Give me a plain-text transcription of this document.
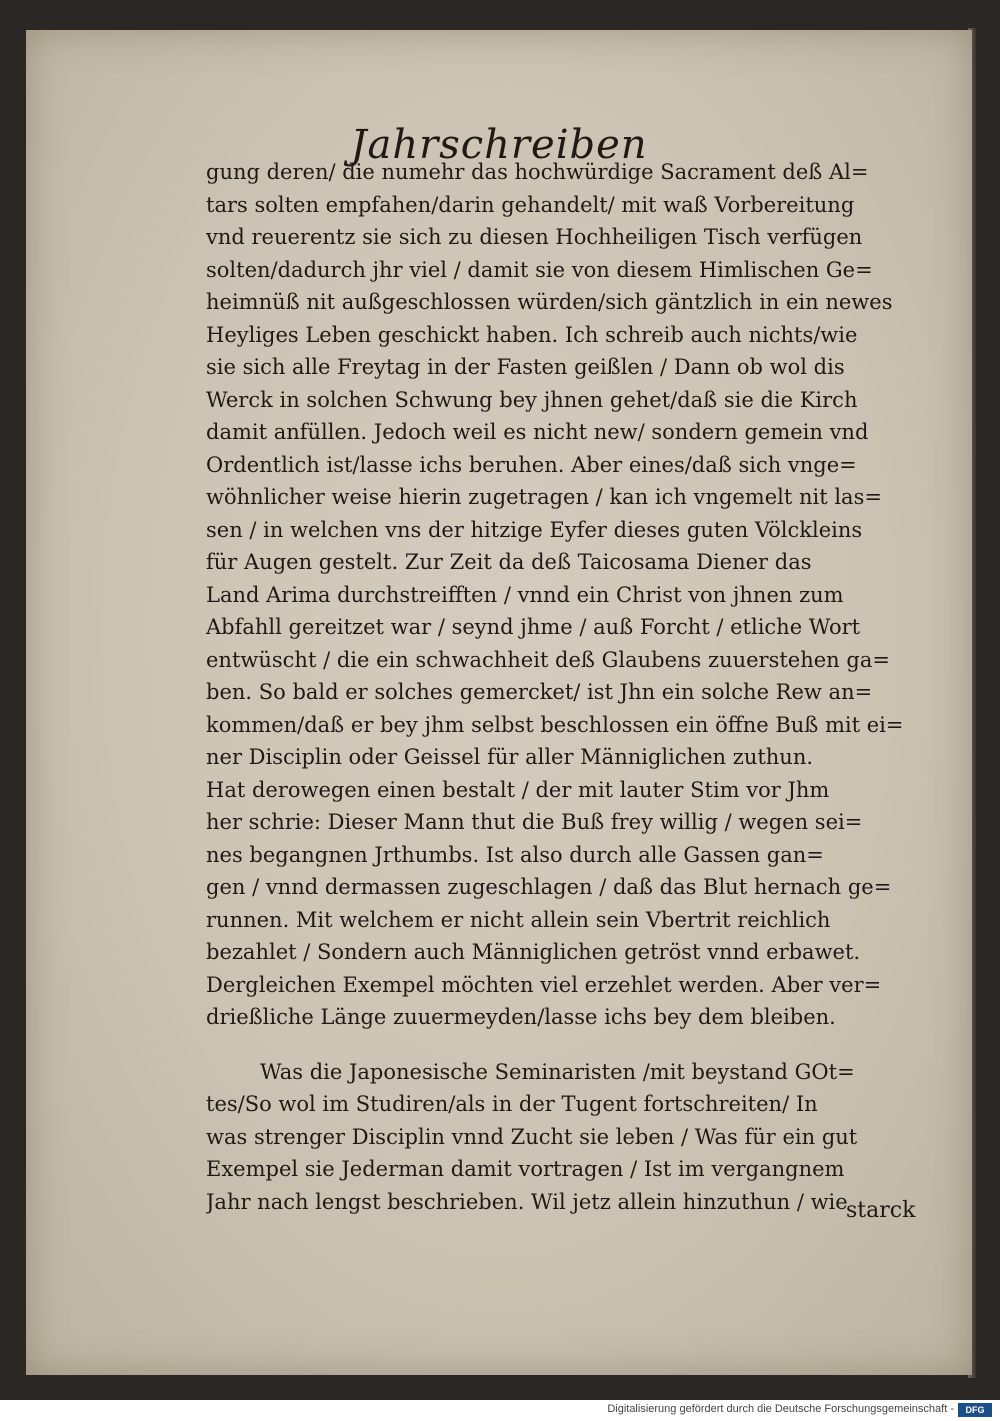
Jahrschreiben
gung deren/ die numehr das hochwürdige Sacrament deß Al=
tars solten empfahen/darin gehandelt/ mit waß Vorbereitung
vnd reuerentz sie sich zu diesen Hochheiligen Tisch verfügen
solten/dadurch jhr viel / damit sie von diesem Himlischen Ge=
heimnüß nit außgeschlossen würden/sich gäntzlich in ein newes
Heyliges Leben geschickt haben. Ich schreib auch nichts/wie
sie sich alle Freytag in der Fasten geißlen / Dann ob wol dis
Werck in solchen Schwung bey jhnen gehet/daß sie die Kirch
damit anfüllen. Jedoch weil es nicht new/ sondern gemein vnd
Ordentlich ist/lasse ichs beruhen. Aber eines/daß sich vnge=
wöhnlicher weise hierin zugetragen / kan ich vngemelt nit las=
sen / in welchen vns der hitzige Eyfer dieses guten Völckleins
für Augen gestelt. Zur Zeit da deß Taicosama Diener das
Land Arima durchstreifften / vnnd ein Christ von jhnen zum
Abfahll gereitzet war / seynd jhme / auß Forcht / etliche Wort
entwüscht / die ein schwachheit deß Glaubens zuuerstehen ga=
ben. So bald er solches gemercket/ ist Jhn ein solche Rew an=
kommen/daß er bey jhm selbst beschlossen ein öffne Buß mit ei=
ner Disciplin oder Geissel für aller Männiglichen zuthun.
Hat derowegen einen bestalt / der mit lauter Stim vor Jhm
her schrie: Dieser Mann thut die Buß frey willig / wegen sei=
nes begangnen Jrthumbs. Ist also durch alle Gassen gan=
gen / vnnd dermassen zugeschlagen / daß das Blut hernach ge=
runnen. Mit welchem er nicht allein sein Vbertrit reichlich
bezahlet / Sondern auch Männiglichen getröst vnnd erbawet.
Dergleichen Exempel möchten viel erzehlet werden. Aber ver=
drießliche Länge zuuermeyden/lasse ichs bey dem bleiben.
Was die Japonesische Seminaristen /mit beystand GOt=
tes/So wol im Studiren/als in der Tugent fortschreiten/ In
was strenger Disciplin vnnd Zucht sie leben / Was für ein gut
Exempel sie Jederman damit vortragen / Ist im vergangnem
Jahr nach lengst beschrieben. Wil jetz allein hinzuthun / wie
starck
Digitalisierung gefördert durch die Deutsche Forschungsgemeinschaft -	DFG
